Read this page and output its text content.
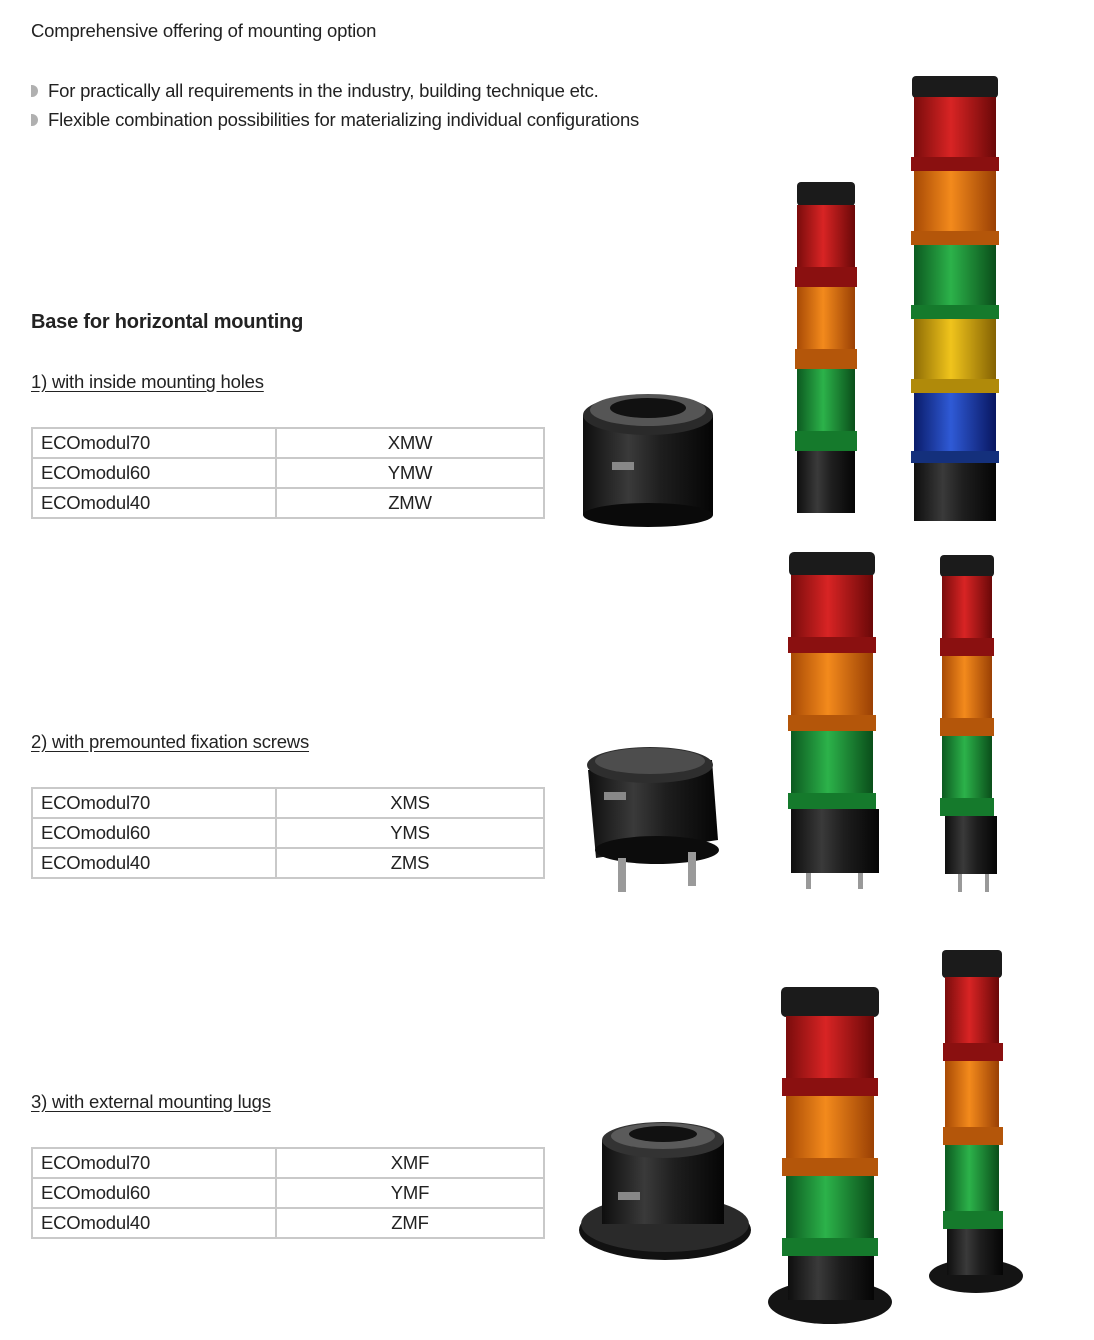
Comprehensive offering of mounting option
For practically all requirements in the industry, building technique etc.
Flexible combination possibilities for materializing individual configurations
Base for horizontal mounting
1) with inside mounting holes
ECOmodul70	XMW
ECOmodul60	YMW
ECOmodul40	ZMW
2) with premounted fixation screws
ECOmodul70	XMS
ECOmodul60	YMS
ECOmodul40	ZMS
3) with external mounting lugs
ECOmodul70	XMF
ECOmodul60	YMF
ECOmodul40	ZMF
